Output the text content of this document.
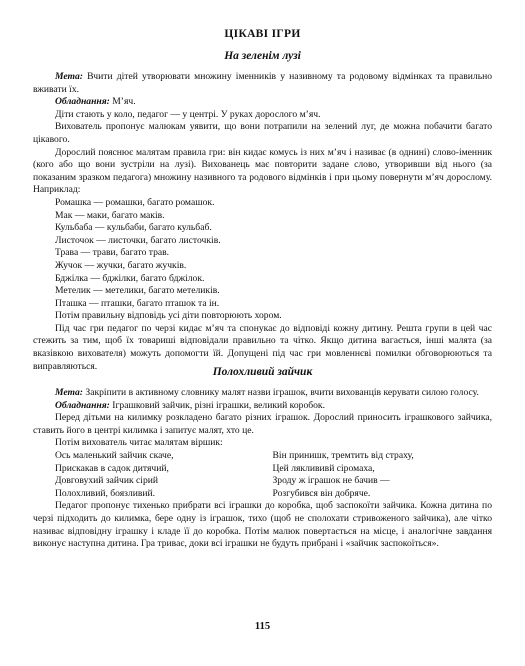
ЦІКАВІ ІГРИ
На зеленім лузі

Мета: Вчити дітей утворювати множину іменників у називному та родовому відмінках та правильно вживати їх.

Обладнання: М’яч.

Діти стають у коло, педагог — у центрі. У руках дорослого м’яч.

Вихователь пропонує малюкам уявити, що вони потрапили на зелений луг, де можна побачити багато цікавого.

Дорослий пояснює малятам правила гри: він кидає комусь із них м’яч і називає (в однині) слово-іменник (кого або що вони зустріли на лузі). Вихованець має повторити задане слово, утворивши від нього (за показаним зразком педагога) множину називного та родового відмінків і при цьому повернути м’яч дорослому. Наприклад:

Ромашка — ромашки, багато ромашок.

Мак — маки, багато маків.

Кульбаба — кульбаби, багато кульбаб.

Листочок — листочки, багато листочків.

Трава — трави, багато трав.

Жучок — жучки, багато жучків.

Бджілка — бджілки, багато бджілок.

Метелик — метелики, багато метеликів.

Пташка — пташки, багато пташок та ін.

Потім правильну відповідь усі діти повторюють хором.

Під час гри педагог по черзі кидає м’яч та спонукає до відповіді кожну дитину. Решта групи в цей час стежить за тим, щоб їх товариші відповідали правильно та чітко. Якщо дитина вагається, інші малята (за вказівкою вихователя) можуть допомогти їй. Допущені під час гри мовленнєві помилки обговорюються та виправляються.	Полохливий зайчик

Мета: Закріпити в активному словнику малят назви іграшок, вчити вихованців керувати силою голосу.

Обладнання: Іграшковий зайчик, різні іграшки, великий коробок.

Перед дітьми на килимку розкладено багато різних іграшок. Дорослий приносить іграшкового зайчика, ставить його в центрі килимка і запитує малят, хто це.

Потім вихователь читає малятам віршик:

Ось маленький зайчик скаче,

Прискакав в садок дитячий,

Довговухий зайчик сірий

Полохливий, боязливий.

Він принишк, тремтить від страху,

Цей ляклививй сіромаха,

Зроду ж іграшок не бачив —

Розгубився він добряче.

Педагог пропонує тихенько прибрати всі іграшки до коробка, щоб заспокоїти зайчика. Кожна дитина по черзі підходить до килимка, бере одну із іграшок, тихо (щоб не сполохати стривоженого зайчика), але чітко називає відповідну іграшку і кладе її до коробка. Потім малюк повертається на місце, і аналогічне завдання виконує наступна дитина. Гра триває, доки всі іграшки не будуть прибрані і «зайчик заспокоїться».

115
